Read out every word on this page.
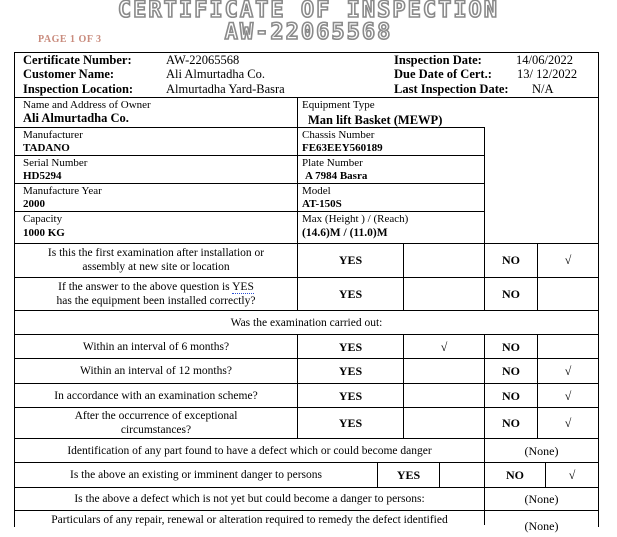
CERTIFICATE OF INSPECTION
AW-22065568
PAGE 1 OF 3
Certificate Number:	AW-22065568
Customer Name:	Ali Almurtadha Co.
Inspection Location:	Almurtadha Yard-Basra
Inspection Date:	14/06/2022
Due Date of Cert.: 13/ 12/2022
Last Inspection Date: N/A
Name and Address of Owner
Ali Almurtadha Co.
Equipment Type
Man lift Basket (MEWP)
Manufacturer
TADANO
Chassis Number
FE63EEY560189
Serial Number
HD5294
Plate Number
A 7984 Basra
Manufacture Year
2000
Model
AT-150S
Capacity
1000 KG
Max (Height ) / (Reach)
(14.6)M / (11.0)M
Is this the first examination after installation or
assembly at new site or location	YES	NO	√
If the answer to the above question is YES
has the equipment been installed correctly?	YES	NO
Was the examination carried out:
Within an interval of 6 months?	YES	√	NO
Within an interval of 12 months?	YES	NO	√
In accordance with an examination scheme?	YES	NO	√
After the occurrence of exceptional
circumstances?	YES	NO	√
Identification of any part found to have a defect which or could become danger	(None)
Is the above an existing or imminent danger to persons	YES	NO	√
Is the above a defect which is not yet but could become a danger to persons:	(None)
Particulars of any repair, renewal or alteration required to remedy the defect identified	(None)
